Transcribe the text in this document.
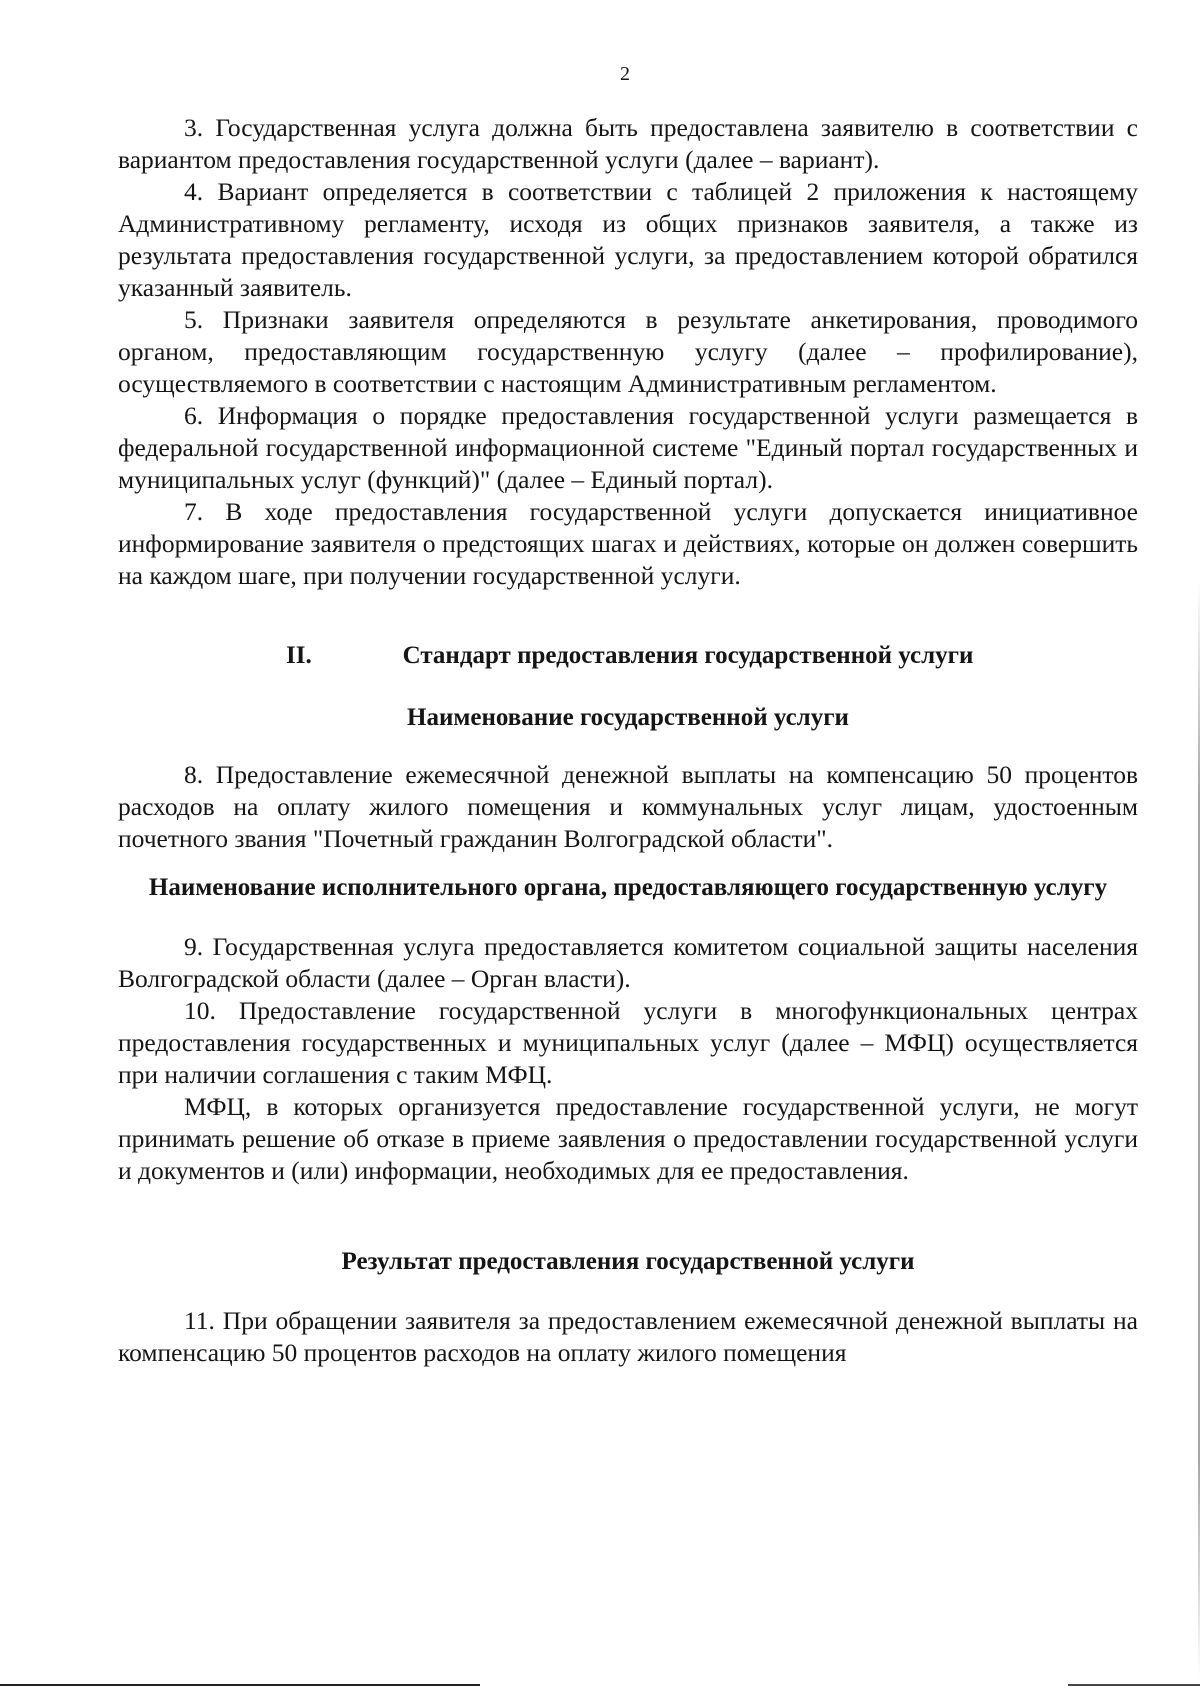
2

3. Государственная услуга должна быть предоставлена заявителю в соответствии с вариантом предоставления государственной услуги (далее – вариант).

4. Вариант определяется в соответствии с таблицей 2 приложения к настоящему Административному регламенту, исходя из общих признаков заявителя, а также из результата предоставления государственной услуги, за предоставлением которой обратился указанный заявитель.

5. Признаки заявителя определяются в результате анкетирования, проводимого органом, предоставляющим государственную услугу (далее – профилирование), осуществляемого в соответствии с настоящим Административным регламентом.

6. Информация о порядке предоставления государственной услуги размещается в федеральной государственной информационной системе "Единый портал государственных и муниципальных услуг (функций)" (далее – Единый портал).

7. В ходе предоставления государственной услуги допускается инициативное информирование заявителя о предстоящих шагах и действиях, которые он должен совершить на каждом шаге, при получении государственной услуги.

II.	Стандарт предоставления государственной услуги
Наименование государственной услуги

8. Предоставление ежемесячной денежной выплаты на компенсацию 50 процентов расходов на оплату жилого помещения и коммунальных услуг лицам, удостоенным почетного звания "Почетный гражданин Волгоградской области".

Наименование исполнительного органа, предоставляющего государственную услугу

9. Государственная услуга предоставляется комитетом социальной защиты населения Волгоградской области (далее – Орган власти).

10. Предоставление государственной услуги в многофункциональных центрах предоставления государственных и муниципальных услуг (далее – МФЦ) осуществляется при наличии соглашения с таким МФЦ.

МФЦ, в которых организуется предоставление государственной услуги, не могут принимать решение об отказе в приеме заявления о предоставлении государственной услуги и документов и (или) информации, необходимых для ее предоставления.

Результат предоставления государственной услуги

11. При обращении заявителя за предоставлением ежемесячной денежной выплаты на компенсацию 50 процентов расходов на оплату жилого помещения
